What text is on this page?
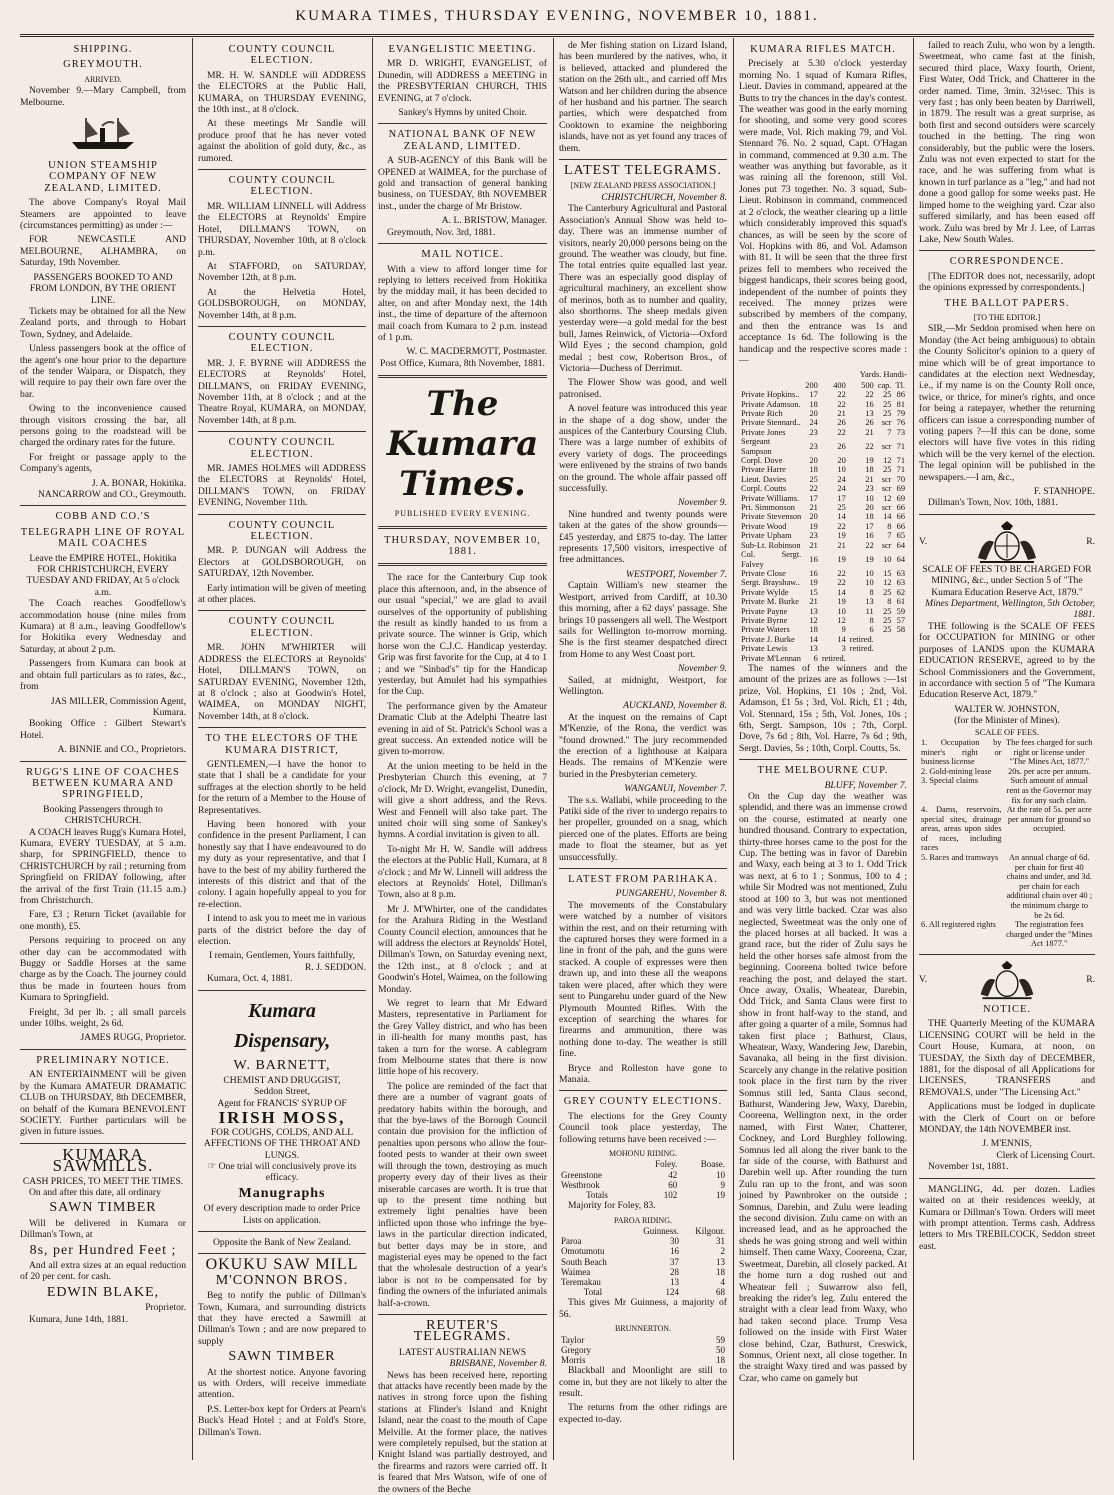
KUMARA TIMES, THURSDAY EVENING, NOVEMBER 10, 1881.
SHIPPING.
GREYMOUTH.
ARRIVED.

November 9.—Mary Campbell, from Melbourne.

UNION STEAMSHIP COMPANY OF NEW ZEALAND, LIMITED.

The above Company's Royal Mail Steamers are appointed to leave (circumstances permitting) as under :—

FOR NEWCASTLE AND MELBOURNE, ALHAMBRA, on Saturday, 19th November.

PASSENGERS BOOKED TO AND FROM LONDON, BY THE ORIENT LINE.

Tickets may be obtained for all the New Zealand ports, and through to Hobart Town, Sydney, and Adelaide.

Unless passengers book at the office of the agent's one hour prior to the departure of the tender Waipara, or Dispatch, they will require to pay their own fare over the bar.

Owing to the inconvenience caused through visitors crossing the bar, all persons going to the roadstead will be charged the ordinary rates for the future.

For freight or passage apply to the Company's agents,

J. A. BONAR, Hokitika.
NANCARROW and CO., Greymouth.
COBB AND CO.'S
TELEGRAPH LINE OF ROYAL MAIL COACHES
Leave the EMPIRE HOTEL, Hokitika FOR CHRISTCHURCH, EVERY TUESDAY AND FRIDAY, At 5 o'clock a.m.

The Coach reaches Goodfellow's accommodation house (nine miles from Kumara) at 8 a.m., leaving Goodfellow's for Hokitika every Wednesday and Saturday, at about 2 p.m.

Passengers from Kumara can book at and obtain full particulars as to rates, &c., from

JAS MILLER, Commission Agent, Kumara.

Booking Office : Gilbert Stewart's Hotel.

A. BINNIE and CO., Proprietors.
RUGG'S LINE OF COACHES BETWEEN KUMARA AND SPRINGFIELD,
Booking Passengers through to CHRISTCHURCH.

A COACH leaves Rugg's Kumara Hotel, Kumara, EVERY TUESDAY, at 5 a.m. sharp, for SPRINGFIELD, thence to CHRISTCHURCH by rail ; returning from Springfield on FRIDAY following, after the arrival of the first Train (11.15 a.m.) from Christchurch.

Fare, £3 ; Return Ticket (available for one month), £5.

Persons requiring to proceed on any other day can be accommodated with Buggy or Saddle Horses at the same charge as by the Coach. The journey could thus be made in fourteen hours from Kumara to Springfield.

Freight, 3d per lb. ; all small parcels under 10lbs. weight, 2s 6d.

JAMES RUGG, Proprietor.
PRELIMINARY NOTICE.

AN ENTERTAINMENT will be given by the Kumara AMATEUR DRAMATIC CLUB on THURSDAY, 8th DECEMBER, on behalf of the Kumara BENEVOLENT SOCIETY. Further particulars will be given in future issues.

KUMARA SAWMILLS.
CASH PRICES, TO MEET THE TIMES.

On and after this date, all ordinary

SAWN TIMBER

Will be delivered in Kumara or Dillman's Town, at

8s, per Hundred Feet ;

And all extra sizes at an equal reduction of 20 per cent. for cash.

EDWIN BLAKE,
Proprietor.

Kumara, June 14th, 1881.

COUNTY COUNCIL ELECTION.

MR. H. W. SANDLE will ADDRESS the ELECTORS at the Public Hall, KUMARA, on THURSDAY EVENING, the 10th inst., at 8 o'clock.

At these meetings Mr Sandle will produce proof that he has never voted against the abolition of gold duty, &c., as rumored.

COUNTY COUNCIL ELECTION.

MR. WILLIAM LINNELL will Address the ELECTORS at Reynolds' Empire Hotel, DILLMAN'S TOWN, on THURSDAY, November 10th, at 8 o'clock p.m.

At STAFFORD, on SATURDAY, November 12th, at 8 p.m.

At the Helvetia Hotel, GOLDSBOROUGH, on MONDAY, November 14th, at 8 p.m.

COUNTY COUNCIL ELECTION.

MR. J. F. BYRNE will ADDRESS the ELECTORS at Reynolds' Hotel, DILLMAN'S, on FRIDAY EVENING, November 11th, at 8 o'clock ; and at the Theatre Royal, KUMARA, on MONDAY, November 14th, at 8 p.m.

COUNTY COUNCIL ELECTION.

MR. JAMES HOLMES will ADDRESS the ELECTORS at Reynolds' Hotel, DILLMAN'S TOWN, on FRIDAY EVENING, November 11th.

COUNTY COUNCIL ELECTION.

MR. P. DUNGAN will Address the Electors at GOLDSBOROUGH, on SATURDAY, 12th November.

Early intimation will be given of meeting at other places.

COUNTY COUNCIL ELECTION.

MR. JOHN M'WHIRTER will ADDRESS the ELECTORS at Reynolds' Hotel, DILLMAN'S TOWN, on SATURDAY EVENING, November 12th, at 8 o'clock ; also at Goodwin's Hotel, WAIMEA, on MONDAY NIGHT, November 14th, at 8 o'clock.

TO THE ELECTORS OF THE KUMARA DISTRICT,

GENTLEMEN,—I have the honor to state that I shall be a candidate for your suffrages at the election shortly to be held for the return of a Member to the House of Representatives.

Having been honored with your confidence in the present Parliament, I can honestly say that I have endeavoured to do my duty as your representative, and that I have to the best of my ability furthered the interests of this district and that of the colony. I again hopefully appeal to you for re-election.

I intend to ask you to meet me in various parts of the district before the day of election.

I remain, Gentlemen, Yours faithfully,
R. J. SEDDON.

Kumara, Oct. 4, 1881.

Kumara Dispensary,
W. BARNETT,
CHEMIST AND DRUGGIST,
Seddon Street,
Agent for FRANCIS' SYRUP OF
IRISH MOSS,
FOR COUGHS, COLDS, AND ALL AFFECTIONS OF THE THROAT AND LUNGS.
☞ One trial will conclusively prove its efficacy.
Manugraphs
Of every description made to order Price Lists on application.
Opposite the Bank of New Zealand.
OKUKU SAW MILL
M'CONNON BROS.

Beg to notify the public of Dillman's Town, Kumara, and surrounding districts that they have erected a Sawmill at Dillman's Town ; and are now prepared to supply

SAWN TIMBER

At the shortest notice. Anyone favoring us with Orders, will receive immediate attention.

P.S. Letter-box kept for Orders at Pearn's Buck's Head Hotel ; and at Fold's Store, Dillman's Town.

EVANGELISTIC MEETING.

MR D. WRIGHT, EVANGELIST, of Dunedin, will ADDRESS a MEETING in the PRESBYTERIAN CHURCH, THIS EVENING, at 7 o'clock.

Sankey's Hymns by united Choir.
NATIONAL BANK OF NEW ZEALAND, LIMITED.

A SUB-AGENCY of this Bank will be OPENED at WAIMEA, for the purchase of gold and transaction of general banking business, on TUESDAY, 8th NOVEMBER inst., under the charge of Mr Bristow.

A. L. BRISTOW, Manager.

Greymouth, Nov. 3rd, 1881.

MAIL NOTICE.

With a view to afford longer time for replying to letters received from Hokitika by the midday mail, it has been decided to alter, on and after Monday next, the 14th inst., the time of departure of the afternoon mail coach from Kumara to 2 p.m. instead of 1 p.m.

W. C. MACDERMOTT, Postmaster.
Post Office, Kumara, 8th November, 1881.
The Kumara Times.
PUBLISHED EVERY EVENING.
THURSDAY, NOVEMBER 10, 1881.

The race for the Canterbury Cup took place this afternoon, and, in the absence of our usual "special," we are glad to avail ourselves of the opportunity of publishing the result as kindly handed to us from a private source. The winner is Grip, which horse won the C.J.C. Handicap yesterday. Grip was first favorite for the Cup, at 4 to 1 ; and we "Sinbad's" tip for the Handicap yesterday, but Amulet had his sympathies for the Cup.

The performance given by the Amateur Dramatic Club at the Adelphi Theatre last evening in aid of St. Patrick's School was a great success. An extended notice will be given to-morrow.

At the union meeting to be held in the Presbyterian Church this evening, at 7 o'clock, Mr D. Wright, evangelist, Dunedin, will give a short address, and the Revs. West and Fennell will also take part. The united choir will sing some of Sankey's hymns. A cordial invitation is given to all.

To-night Mr H. W. Sandle will address the electors at the Public Hall, Kumara, at 8 o'clock ; and Mr W. Linnell will address the electors at Reynolds' Hotel, Dillman's Town, also at 8 p.m.

Mr J. M'Whirter, one of the candidates for the Arahura Riding in the Westland County Council election, announces that he will address the electors at Reynolds' Hotel, Dillman's Town, on Saturday evening next, the 12th inst., at 8 o'clock ; and at Goodwin's Hotel, Waimea, on the following Monday.

We regret to learn that Mr Edward Masters, representative in Parliament for the Grey Valley district, and who has been in ill-health for many months past, has taken a turn for the worse. A cablegram from Melbourne states that there is now little hope of his recovery.

The police are reminded of the fact that there are a number of vagrant goats of predatory habits within the borough, and that the bye-laws of the Borough Council contain due provision for the infliction of penalties upon persons who allow the four-footed pests to wander at their own sweet will through the town, destroying as much property every day of their lives as their miserable carcases are worth. It is true that up to the present time nothing but extremely light penalties have been inflicted upon those who infringe the bye-laws in the particular direction indicated, but better days may be in store, and magisterial eyes may be opened to the fact that the wholesale destruction of a year's labor is not to be compensated for by finding the owners of the infuriated animals half-a-crown.

REUTER'S TELEGRAMS.
LATEST AUSTRALIAN NEWS
BRISBANE, November 8.

News has been received here, reporting that attacks have recently been made by the natives in strong force upon the fishing stations at Flinder's Island and Knight Island, near the coast to the mouth of Cape Melville. At the former place, the natives were completely repulsed, but the station at Knight Island was partially destroyed, and the firearms and razors were carried off. It is feared that Mrs Watson, wife of one of the owners of the Beche

de Mer fishing station on Lizard Island, has been murdered by the natives, who, it is believed, attacked and plundered the station on the 26th ult., and carried off Mrs Watson and her children during the absence of her husband and his partner. The search parties, which were despatched from Cooktown to examine the neighboring islands, have not as yet found any traces of them.

LATEST TELEGRAMS.
[NEW ZEALAND PRESS ASSOCIATION.]
CHRISTCHURCH, November 8.

The Canterbury Agricultural and Pastoral Association's Annual Show was held to-day. There was an immense number of visitors, nearly 20,000 persons being on the ground. The weather was cloudy, but fine. The total entries quite equalled last year. There was an especially good display of agricultural machinery, an excellent show of merinos, both as to number and quality, also shorthorns. The sheep medals given yesterday were—a gold medal for the best bull, James Reinwick, of Victoria—Oxford Wild Eyes ; the second champion, gold medal ; best cow, Robertson Bros., of Victoria—Duchess of Derrimut.

The Flower Show was good, and well patronised.

A novel feature was introduced this year in the shape of a dog show, under the auspices of the Canterbury Coursing Club. There was a large number of exhibits of every variety of dogs. The proceedings were enlivened by the strains of two bands on the ground. The whole affair passed off successfully.

November 9.

Nine hundred and twenty pounds were taken at the gates of the show grounds—£45 yesterday, and £875 to-day. The latter represents 17,500 visitors, irrespective of free admittances.

WESTPORT, November 7.

Captain William's new steamer the Westport, arrived from Cardiff, at 10.30 this morning, after a 62 days' passage. She brings 10 passengers all well. The Westport sails for Wellington to-morrow morning. She is the first steamer despatched direct from Home to any West Coast port.

November 9.

Sailed, at midnight, Westport, for Wellington.

AUCKLAND, November 8.

At the inquest on the remains of Capt M'Kenzie, of the Rona, the verdict was "found drowned." The jury recommended the erection of a lighthouse at Kaipara Heads. The remains of M'Kenzie were buried in the Presbyterian cemetery.

WANGANUI, November 7.

The s.s. Wallabi, while proceeding to the Patiki side of the river to undergo repairs to her propeller, grounded on a snag, which pierced one of the plates. Efforts are being made to float the steamer, but as yet unsuccessfully.

LATEST FROM PARIHAKA.
PUNGAREHU, November 8.

The movements of the Constabulary were watched by a number of visitors within the rest, and on their returning with the captured horses they were formed in a line in front of the pah, and the guns were stacked. A couple of expresses were then drawn up, and into these all the weapons taken were placed, after which they were sent to Pungarehu under guard of the New Plymouth Mounted Rifles. With the exception of searching the whares for firearms and ammunition, there was nothing done to-day. The weather is still fine.

Bryce and Rolleston have gone to Manaia.

GREY COUNTY ELECTIONS.

The elections for the Grey County Council took place yesterday, The following returns have been received :—

MOHONU RIDING.
	Foley.	Boase.
Greenstone	42	10
Westbrook	60	9
Totals	102	19

Majority for Foley, 83.

PAROA RIDING.
	Guinness.	Kilgour.
Paroa	30	31
Omotumotu	16	2
South Beach	37	13
Waimea	28	18
Teremakau	13	4
Total	124	68

This gives Mr Guinness, a majority of 56.

BRUNNERTON.
Taylor	59
Gregory	50
Morris	18

Blackball and Moonlight are still to come in, but they are not likely to alter the result.

The returns from the other ridings are expected to-day.

KUMARA RIFLES MATCH.

Precisely at 5.30 o'clock yesterday morning No. 1 squad of Kumara Rifles, Lieut. Davies in command, appeared at the Butts to try the chances in the day's contest. The weather was good in the early morning for shooting, and some very good scores were made, Vol. Rich making 79, and Vol. Stennard 76. No. 2 squad, Capt. O'Hagan in command, commenced at 9.30 a.m. The weather was anything but favorable, as it was raining all the forenoon, still Vol. Jones put 73 together. No. 3 squad, Sub-Lieut. Robinson in command, commenced at 2 o'clock, the weather clearing up a little which considerably improved this squad's chances, as will be seen by the score of Vol. Hopkins with 86, and Vol. Adamson with 81. It will be seen that the three first prizes fell to members who received the biggest handicaps, their scores being good, independent of the number of points they received. The money prizes were subscribed by members of the company, and then the entrance was 1s and acceptance 1s 6d. The following is the handicap and the respective scores made :—

Yards. Handi-
	200	400	500	cap.	Tl.
Private Hopkins..	17	22	22	25	86
Private Adamson.	18	22	16	25	81
Private Rich	20	21	13	25	79
Private Stennard..	24	26	26	scr	76
Private Jones	23	22	21	7	73
Sergeant Sampson	23	26	22	scr	71
Corpl. Dove	20	20	19	12	71
Private Harre	18	10	18	25	71
Lieut. Davies	25	24	21	scr	70
Corpl. Coutts	22	24	23	scr	69
Private Williams.	17	17	10	12	69
Pri. Simmonson	21	25	20	scr	66
Private Stevenson	20	14	18	14	66
Private Wood	19	22	17	8	66
Private Upham	23	19	16	7	65
Sub-Lt. Robinson	21	21	22	scr	64
Col. Sergt. Falvey	16	19	19	10	64
Private Close	16	22	10	15	63
Sergt. Brayshaw..	19	22	10	12	63
Private Wylde	15	14	8	25	62
Private M. Burke	21	19	13	8	61
Private Payne	13	10	11	25	59
Private Byrne	12	12	8	25	57
Private Waters	18	9	6	25	58
Private J. Burke	14	14	retired.		
Private Lewis	13	3	retired.		
Private M'Lennan	6	retired.			

The names of the winners and the amount of the prizes are as follows :—1st prize, Vol. Hopkins, £1 10s ; 2nd, Vol. Adamson, £1 5s ; 3rd, Vol. Rich, £1 ; 4th, Vol. Stennard, 15s ; 5th, Vol. Jones, 10s ; 6th, Sergt. Sampson, 10s ; 7th, Corpl. Dove, 7s 6d ; 8th, Vol. Harre, 7s 6d ; 9th, Sergt. Davies, 5s ; 10th, Corpl. Coutts, 5s.

THE MELBOURNE CUP.
BLUFF, November 7.

On the Cup day the weather was splendid, and there was an immense crowd on the course, estimated at nearly one hundred thousand. Contrary to expectation, thirty-three horses came to the post for the Cup. The betting was in favor of Darebin and Waxy, each being at 3 to 1. Odd Trick was next, at 6 to 1 ; Sonmus, 100 to 4 ; while Sir Modred was not mentioned, Zulu stood at 100 to 3, but was not mentioned and was very little backed. Czar was also neglected, Sweetmeat was the only one of the placed horses at all backed. It was a grand race, but the rider of Zulu says he held the other horses safe almost from the beginning. Cooreena bolted twice before reaching the post, and delayed the start. Once away, Oxalis, Wheatear, Darebin, Odd Trick, and Santa Claus were first to show in front half-way to the stand, and after going a quarter of a mile, Somnus had taken first place ; Bathurst, Claus, Wheatear, Waxy, Wandering Jew, Darebin, Savanaka, all being in the first division. Scarcely any change in the relative position took place in the first turn by the river Somnus still led, Santa Claus second, Bathurst, Wandering Jew, Waxy, Darebin, Cooreena, Wellington next, in the order named, with First Water, Chatterer, Cockney, and Lord Burghley following. Somnus led all along the river bank to the far side of the course, with Bathurst and Darebin well up. After rounding the turn Zulu ran up to the front, and was soon joined by Pawnbroker on the outside ; Somnus, Darebin, and Zulu were leading the second division. Zulu came on with an increased lead, and as he approached the sheds he was going strong and well within himself. Then came Waxy, Cooreena, Czar, Sweetmeat, Darebin, all closely packed. At the home turn a dog rushed out and Wheatear fell ; Suwarrow also fell, breaking the rider's leg. Zulu entered the straight with a clear lead from Waxy, who had taken second place. Trump Vesa followed on the inside with First Water close behind, Czar, Bathurst, Creswick, Somnus, Orient next, all close together. In the straight Waxy tired and was passed by Czar, who came on gamely but

failed to reach Zulu, who won by a length. Sweetmeat, who came fast at the finish, secured third place, Waxy fourth, Orient, First Water, Odd Trick, and Chatterer in the order named. Time, 3min. 32½sec. This is very fast ; has only been beaten by Darriwell, in 1879. The result was a great surprise, as both first and second outsiders were scarcely touched in the betting. The ring won considerably, but the public were the losers. Zulu was not even expected to start for the race, and he was suffering from what is known in turf parlance as a "leg," and had not done a good gallop for some weeks past. He limped home to the weighing yard. Czar also suffered similarly, and has been eased off work. Zulu was bred by Mr J. Lee, of Larras Lake, New South Wales.

CORRESPONDENCE.

[The EDITOR does not, necessarily, adopt the opinions expressed by correspondents.]

THE BALLOT PAPERS.
[TO THE EDITOR.]

SIR,—Mr Seddon promised when here on Monday (the Act being ambiguous) to obtain the County Solicitor's opinion to a query of mine which will be of great importance to candidates at the election next Wednesday, i.e., if my name is on the County Roll once, twice, or thrice, for miner's rights, and once for being a ratepayer, whether the returning officers can issue a corresponding number of voting papers ?—If this can be done, some electors will have five votes in this riding which will be the very kernel of the election. The legal opinion will be published in the newspapers.—I am, &c.,

F. STANHOPE.

Dillman's Town, Nov. 10th, 1881.

V.	R.
SCALE OF FEES TO BE CHARGED FOR MINING, &c., under Section 5 of "The Kumara Education Reserve Act, 1879."
Mines Department, Wellington, 5th October, 1881.

THE following is the SCALE OF FEES for OCCUPATION for MINING or other purposes of LANDS upon the KUMARA EDUCATION RESERVE, agreed to by the School Commissioners and the Government, in accordance with section 5 of "The Kumara Education Reserve Act, 1879."

WALTER W. JOHNSTON,
(for the Minister of Mines).
SCALE OF FEES.
1. Occupation by miner's right or business license	The fees charged for such right or license under "The Mines Act, 1877."
2. Gold-mining lease	20s. per acre per annum.
3. Special claims	Such amount of annual rent as the Governor may fix for any such claim.
4. Dams, reservoirs, special sites, drainage areas, areas upon sides of races, including races	At the rate of 5s. per acre per annum for ground so occupied.
5. Races and tramways	An annual charge of 6d. per chain for first 40 chains and under, and 3d. per chain for each additional chain over 40 ; the minimum charge to be 2s 6d.
6. All registered rights	The registration fees charged under the "Mines Act 1877."
V.	R.
NOTICE.

THE Quarterly Meeting of the KUMARA LICENSING COURT will be held in the Court House, Kumara, at noon, on TUESDAY, the Sixth day of DECEMBER, 1881, for the disposal of all Applications for LICENSES, TRANSFERS and REMOVALS, under "The Licensing Act."

Applications must be lodged in duplicate with the Clerk of Court on or before MONDAY, the 14th NOVEMBER inst.

J. M'ENNIS,
Clerk of Licensing Court.

November 1st, 1881.

MANGLING, 4d. per dozen. Ladies waited on at their residences weekly, at Kumara or Dillman's Town. Orders will meet with prompt attention. Terms cash. Address letters to Mrs TREBILCOCK, Seddon street east.
